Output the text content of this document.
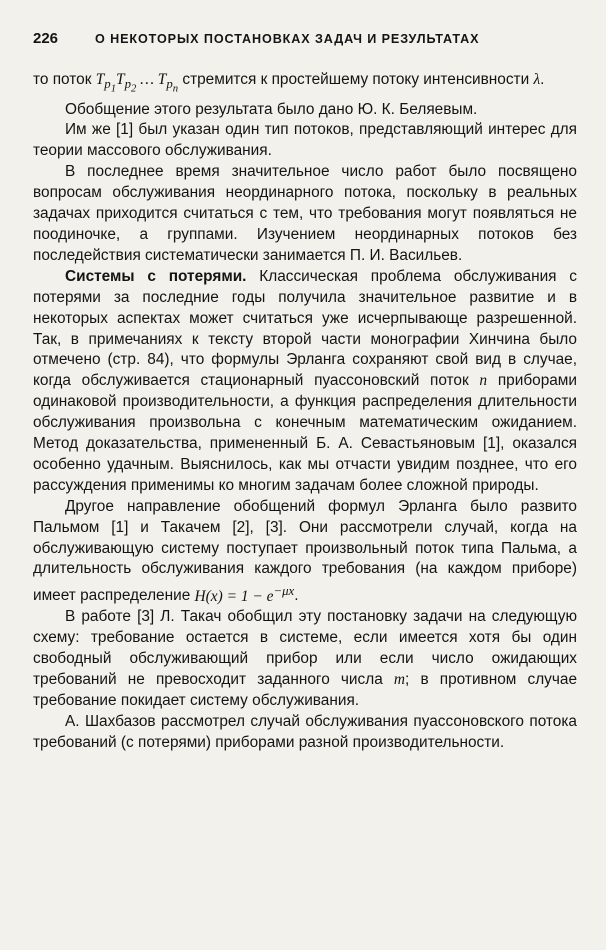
226	О НЕКОТОРЫХ ПОСТАНОВКАХ ЗАДАЧ И РЕЗУЛЬТАТАХ

то поток $T_{p_1}T_{p_2}$ … $T_{p_n}$ стремится к простейшему потоку интенсивности λ.

Обобщение этого результата было дано Ю. К. Беляевым.

Им же [1] был указан один тип потоков, представляющий интерес для теории массового обслуживания.

В последнее время значительное число работ было посвящено вопросам обслуживания неординарного потока, поскольку в реальных задачах приходится считаться с тем, что требования могут появляться не поодиночке, а группами. Изучением неординарных потоков без последействия систематически занимается П. И. Васильев.

Системы с потерями. Классическая проблема обслуживания с потерями за последние годы получила значительное развитие и в некоторых аспектах может считаться уже исчерпывающе разрешенной. Так, в примечаниях к тексту второй части монографии Хинчина было отмечено (стр. 84), что формулы Эрланга сохраняют свой вид в случае, когда обслуживается стационарный пуассоновский поток n приборами одинаковой производительности, а функция распределения длительности обслуживания произвольна с конечным математическим ожиданием. Метод доказательства, примененный Б. А. Севастьяновым [1], оказался особенно удачным. Выяснилось, как мы отчасти увидим позднее, что его рассуждения применимы ко многим задачам более сложной природы.

Другое направление обобщений формул Эрланга было развито Пальмом [1] и Такачем [2], [3]. Они рассмотрели случай, когда на обслуживающую систему поступает произвольный поток типа Пальма, а длительность обслуживания каждого требования (на каждом приборе) имеет распределение $H(x) = 1 - e^{-\mu x}$.

В работе [3] Л. Такач обобщил эту постановку задачи на следующую схему: требование остается в системе, если имеется хотя бы один свободный обслуживающий прибор или если число ожидающих требований не превосходит заданного числа m; в противном случае требование покидает систему обслуживания.

А. Шахбазов рассмотрел случай обслуживания пуассоновского потока требований (с потерями) приборами разной производительности.
